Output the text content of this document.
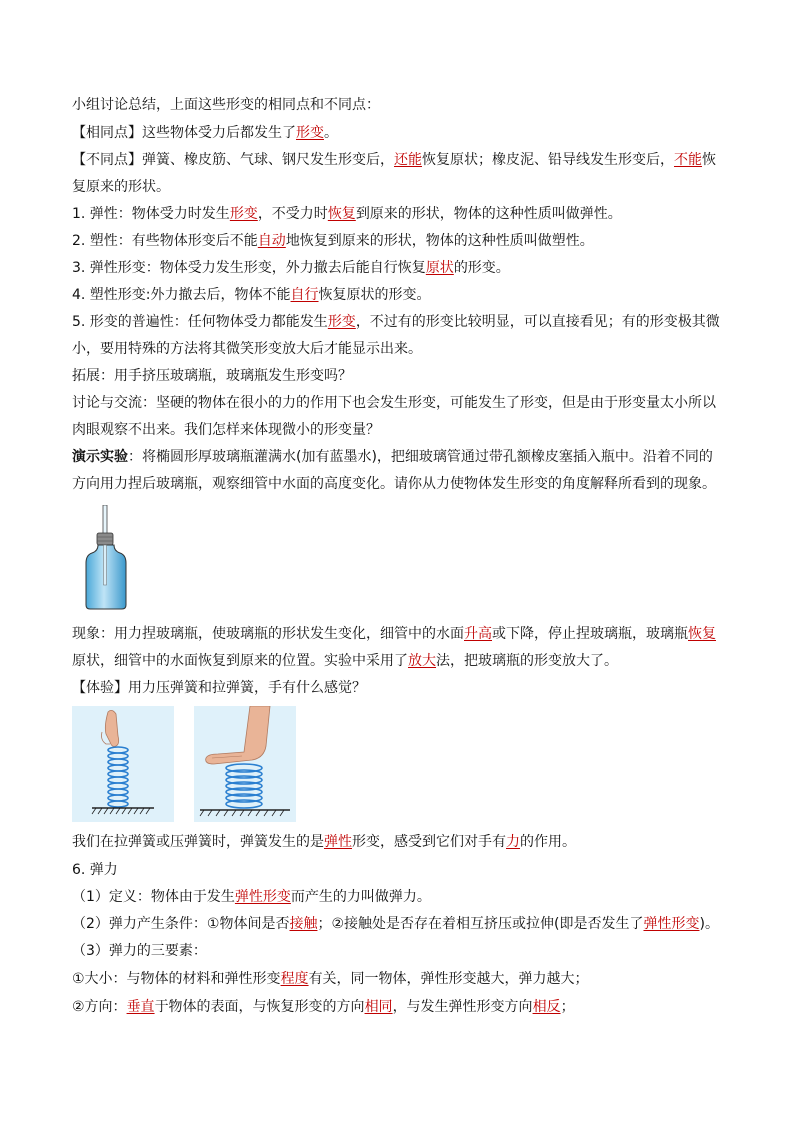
小组讨论总结，上面这些形变的相同点和不同点：
【相同点】这些物体受力后都发生了形变。
【不同点】弹簧、橡皮筋、气球、钢尺发生形变后，还能恢复原状；橡皮泥、铅导线发生形变后，不能恢
复原来的形状。
1. 弹性：物体受力时发生形变，不受力时恢复到原来的形状，物体的这种性质叫做弹性。
2. 塑性：有些物体形变后不能自动地恢复到原来的形状，物体的这种性质叫做塑性。
3. 弹性形变：物体受力发生形变，外力撤去后能自行恢复原状的形变。
4. 塑性形变:外力撤去后，物体不能自行恢复原状的形变。
5. 形变的普遍性：任何物体受力都能发生形变，不过有的形变比较明显，可以直接看见；有的形变极其微
小，要用特殊的方法将其微笑形变放大后才能显示出来。
拓展：用手挤压玻璃瓶，玻璃瓶发生形变吗？
讨论与交流：坚硬的物体在很小的力的作用下也会发生形变，可能发生了形变，但是由于形变量太小所以
肉眼观察不出来。我们怎样来体现微小的形变量？
演示实验：将椭圆形厚玻璃瓶灌满水(加有蓝墨水)，把细玻璃管通过带孔额橡皮塞插入瓶中。沿着不同的
方向用力捏后玻璃瓶，观察细管中水面的高度变化。请你从力使物体发生形变的角度解释所看到的现象。
现象：用力捏玻璃瓶，使玻璃瓶的形状发生变化，细管中的水面升高或下降，停止捏玻璃瓶，玻璃瓶恢复
原状，细管中的水面恢复到原来的位置。实验中采用了放大法，把玻璃瓶的形变放大了。
【体验】用力压弹簧和拉弹簧，手有什么感觉？
我们在拉弹簧或压弹簧时，弹簧发生的是弹性形变，感受到它们对手有力的作用。
6. 弹力
（1）定义：物体由于发生弹性形变而产生的力叫做弹力。
（2）弹力产生条件：①物体间是否接触；②接触处是否存在着相互挤压或拉伸(即是否发生了弹性形变)。
（3）弹力的三要素：
①大小：与物体的材料和弹性形变程度有关，同一物体，弹性形变越大，弹力越大；
②方向：垂直于物体的表面，与恢复形变的方向相同，与发生弹性形变方向相反；
